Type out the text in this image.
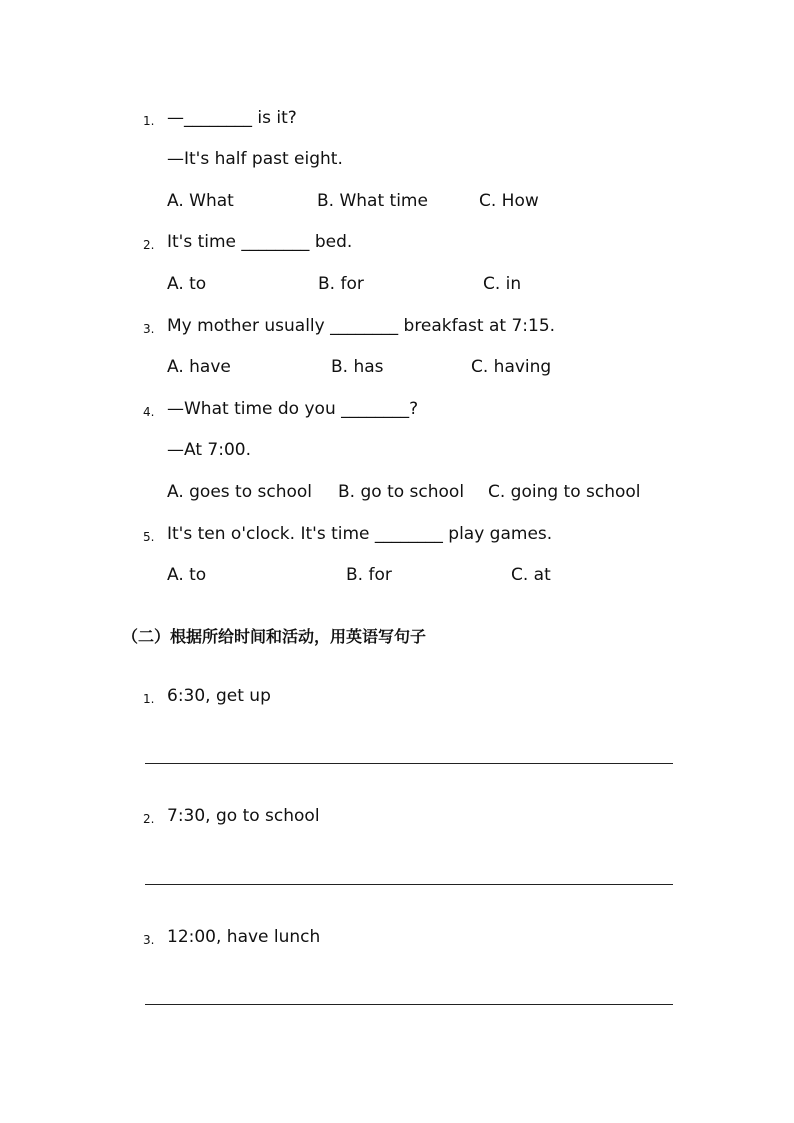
1. —________ is it?
—It's half past eight.
A. What	B. What time	C. How
2. It's time ________ bed.
A. to	B. for	C. in
3. My mother usually ________ breakfast at 7:15.
A. have	B. has	C. having
4. —What time do you ________?
—At 7:00.
A. goes to school B. go to school C. going to school
5. It's ten o'clock. It's time ________ play games.
A. to	B. for	C. at
（二）根据所给时间和活动，用英语写句子
1. 6:30, get up
2. 7:30, go to school
3. 12:00, have lunch
